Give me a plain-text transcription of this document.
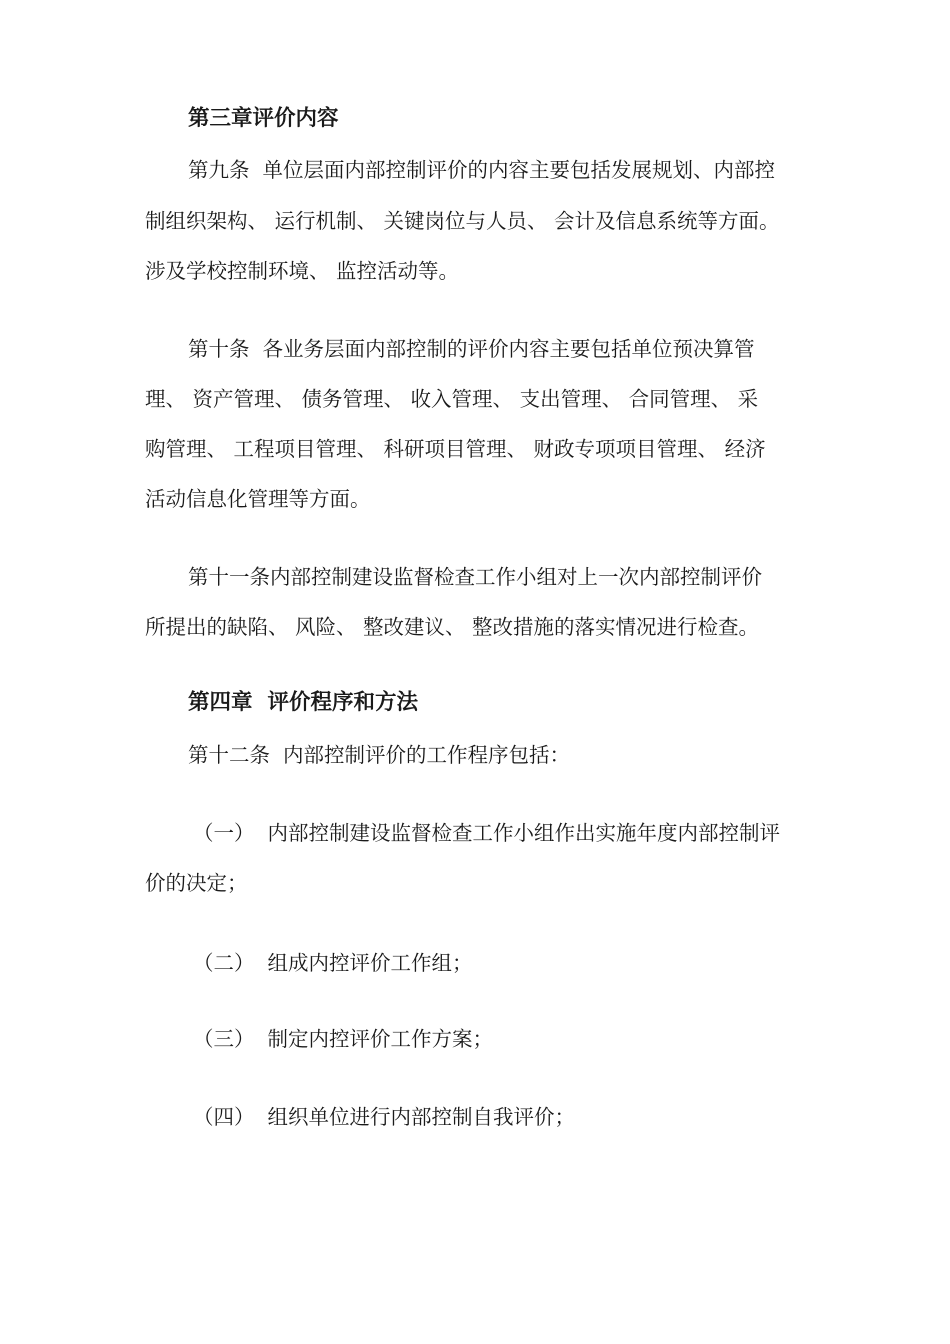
第三章评价内容
第九条  单位层面内部控制评价的内容主要包括发展规划、内部控
制组织架构、 运行机制、 关键岗位与人员、 会计及信息系统等方面。
涉及学校控制环境、 监控活动等。
第十条  各业务层面内部控制的评价内容主要包括单位预决算管
理、 资产管理、 债务管理、 收入管理、 支出管理、 合同管理、 采
购管理、 工程项目管理、 科研项目管理、 财政专项项目管理、 经济
活动信息化管理等方面。
第十一条内部控制建设监督检查工作小组对上一次内部控制评价
所提出的缺陷、 风险、 整改建议、 整改措施的落实情况进行检查。
第四章  评价程序和方法
第十二条  内部控制评价的工作程序包括：
（一）  内部控制建设监督检查工作小组作出实施年度内部控制评
价的决定；
（二）  组成内控评价工作组；
（三）  制定内控评价工作方案；
（四）  组织单位进行内部控制自我评价；
